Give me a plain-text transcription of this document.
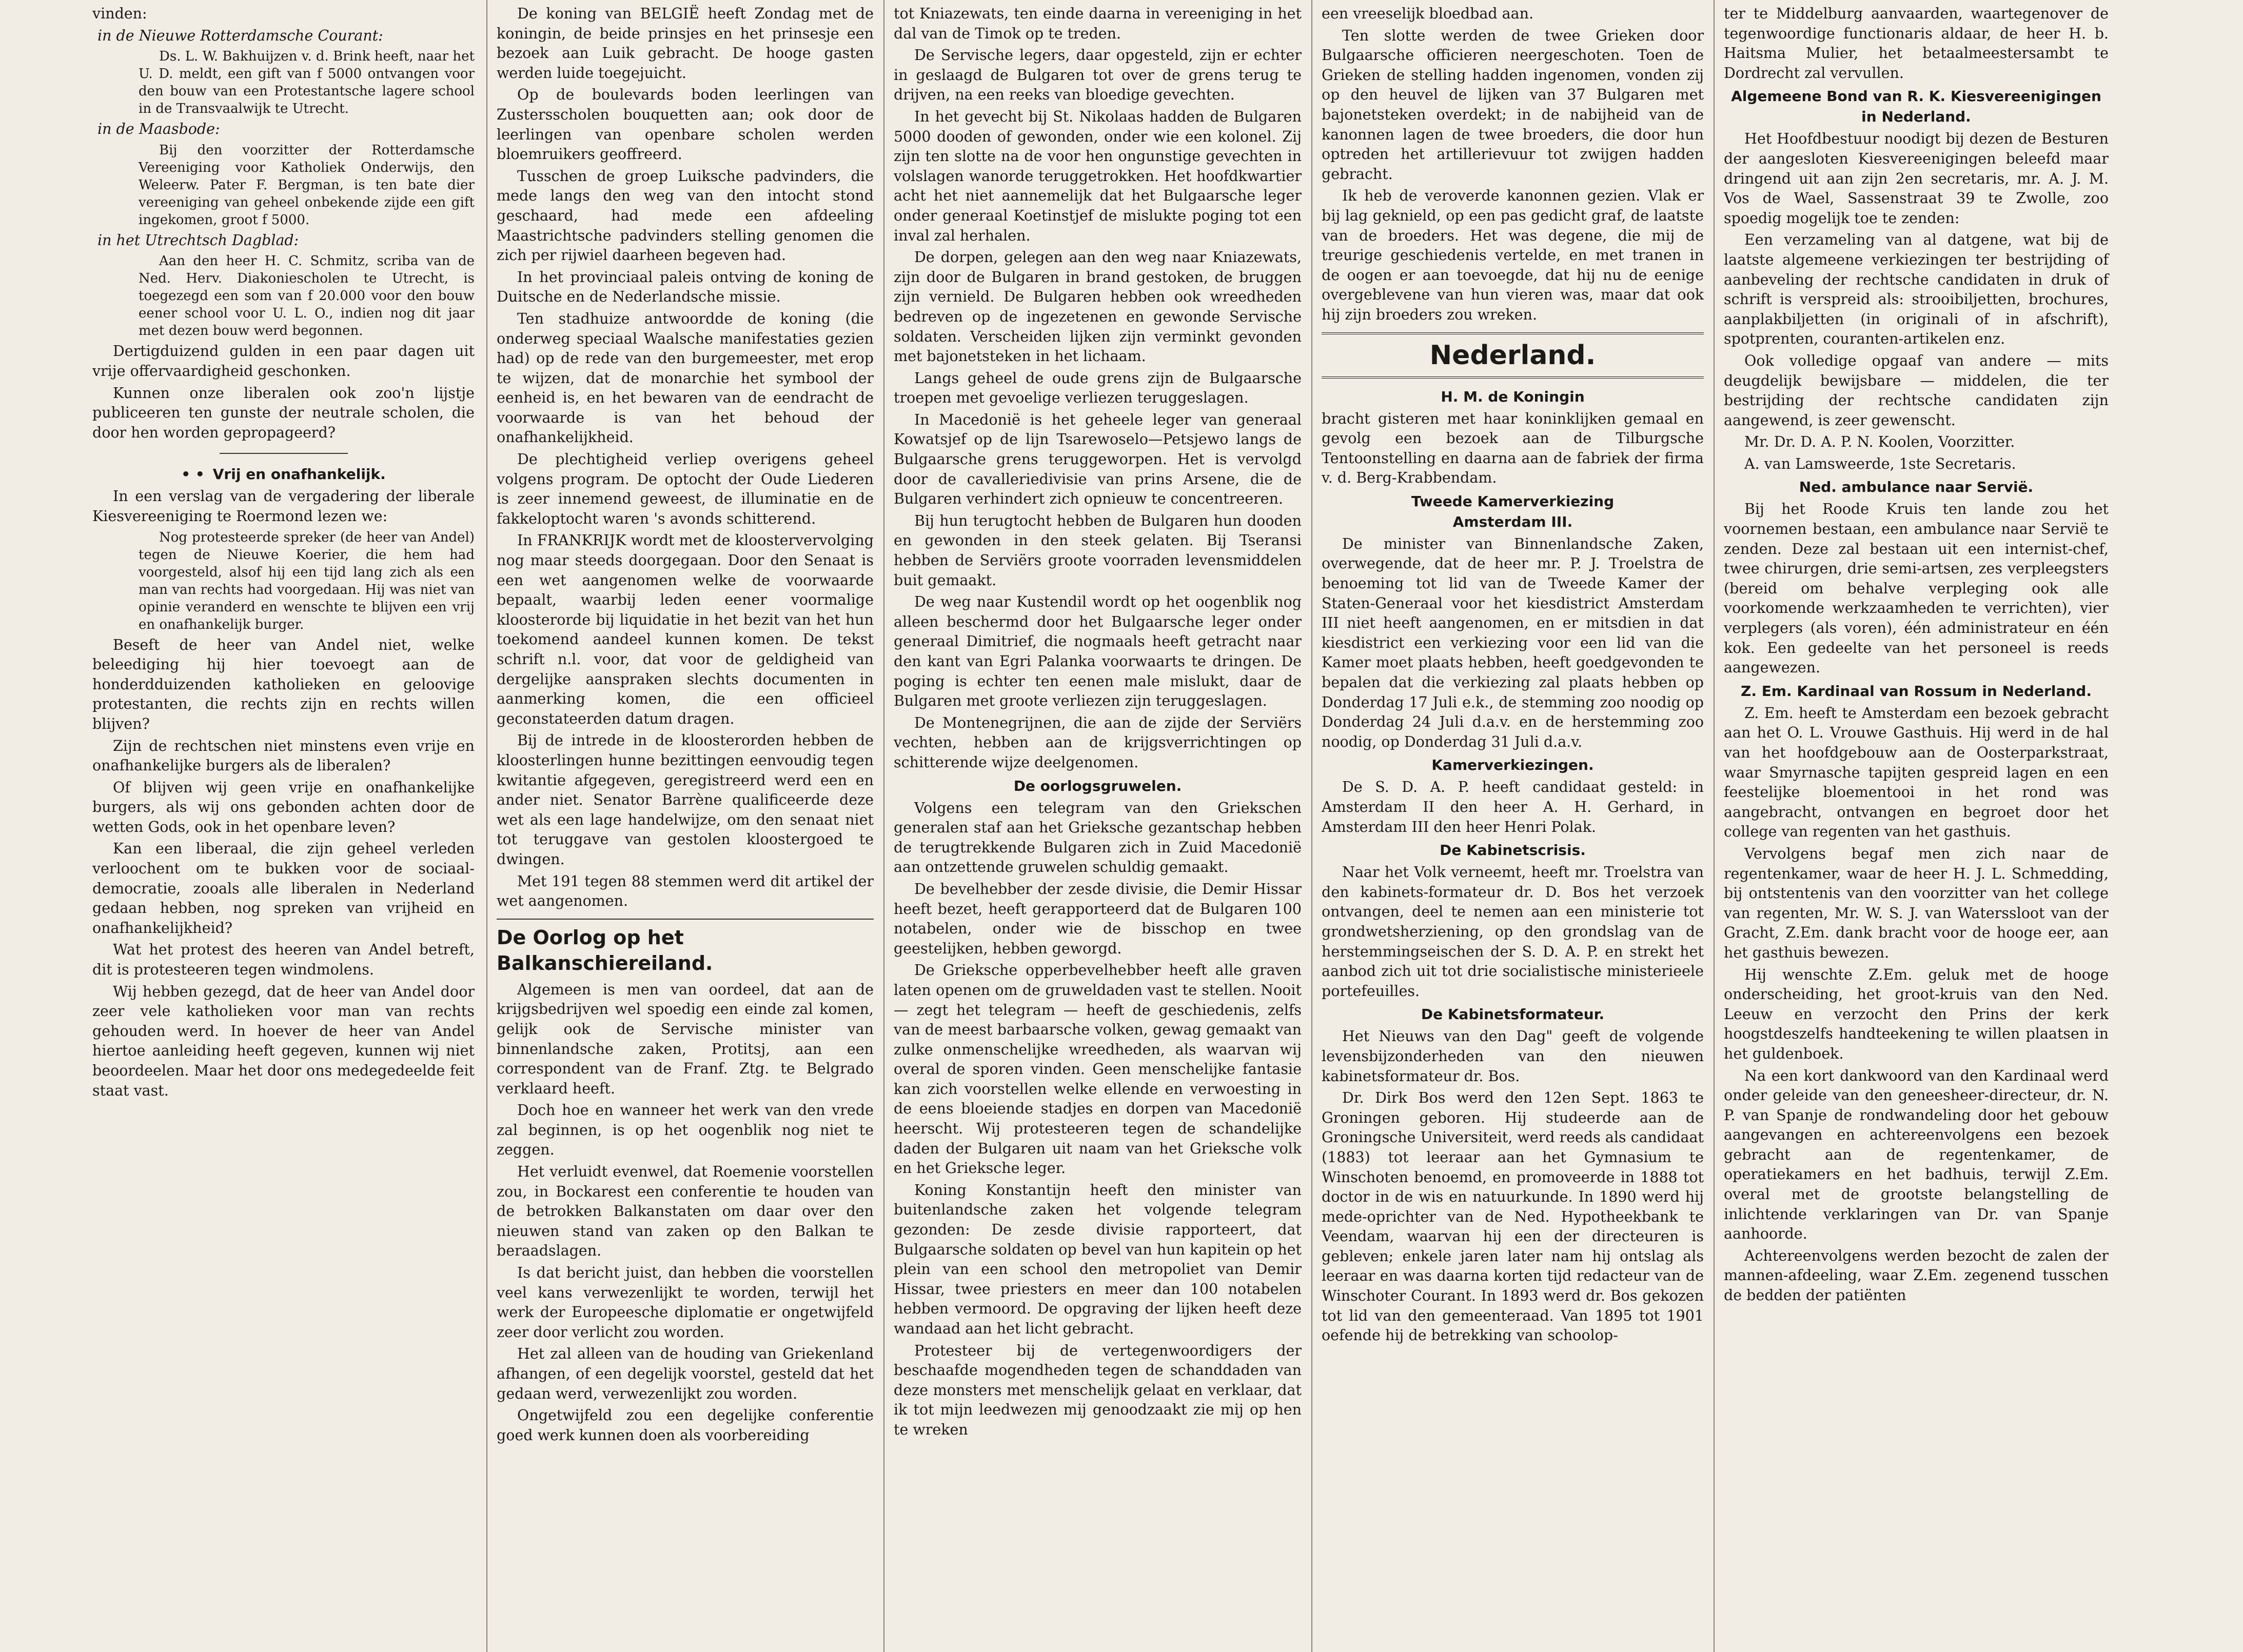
vinden:

in de Nieuwe Rotterdamsche Courant:

Ds. L. W. Bakhuijzen v. d. Brink heeft, naar het U. D. meldt, een gift van f 5000 ontvangen voor den bouw van een Protestantsche lagere school in de Transvaalwijk te Utrecht.

in de Maasbode:

Bij den voorzitter der Rotterdamsche Vereeniging voor Katholiek Onderwijs, den Weleerw. Pater F. Bergman, is ten bate dier vereeniging van geheel onbekende zijde een gift ingekomen, groot f 5000.

in het Utrechtsch Dagblad:

Aan den heer H. C. Schmitz, scriba van de Ned. Herv. Diakoniescholen te Utrecht, is toegezegd een som van f 20.000 voor den bouw eener school voor U. L. O., indien nog dit jaar met dezen bouw werd begonnen.

Dertigduizend gulden in een paar dagen uit vrije offervaardigheid geschonken.

Kunnen onze liberalen ook zoo'n lijstje publiceeren ten gunste der neutrale scholen, die door hen worden gepropageerd?

• • Vrij en onafhankelijk.

In een verslag van de vergadering der liberale Kiesvereeniging te Roermond lezen we:

Nog protesteerde spreker (de heer van Andel) tegen de Nieuwe Koerier, die hem had voorgesteld, alsof hij een tijd lang zich als een man van rechts had voorgedaan. Hij was niet van opinie veranderd en wenschte te blijven een vrij en onafhankelijk burger.

Beseft de heer van Andel niet, welke beleediging hij hier toevoegt aan de honderdduizenden katholieken en geloovige protestanten, die rechts zijn en rechts willen blijven?

Zijn de rechtschen niet minstens even vrije en onafhankelijke burgers als de liberalen?

Of blijven wij geen vrije en onafhankelijke burgers, als wij ons gebonden achten door de wetten Gods, ook in het openbare leven?

Kan een liberaal, die zijn geheel verleden verloochent om te bukken voor de sociaal-democratie, zooals alle liberalen in Nederland gedaan hebben, nog spreken van vrijheid en onafhankelijkheid?

Wat het protest des heeren van Andel betreft, dit is protesteeren tegen windmolens.

Wij hebben gezegd, dat de heer van Andel door zeer vele katholieken voor man van rechts gehouden werd. In hoever de heer van Andel hiertoe aanleiding heeft gegeven, kunnen wij niet beoordeelen. Maar het door ons medegedeelde feit staat vast.

De koning van BELGIË heeft Zondag met de koningin, de beide prinsjes en het prinsesje een bezoek aan Luik gebracht. De hooge gasten werden luide toegejuicht.

Op de boulevards boden leerlingen van Zustersscholen bouquetten aan; ook door de leerlingen van openbare scholen werden bloemruikers geoffreerd.

Tusschen de groep Luiksche padvinders, die mede langs den weg van den intocht stond geschaard, had mede een afdeeling Maastrichtsche padvinders stelling genomen die zich per rijwiel daarheen begeven had.

In het provinciaal paleis ontving de koning de Duitsche en de Nederlandsche missie.

Ten stadhuize antwoordde de koning (die onderweg speciaal Waalsche manifestaties gezien had) op de rede van den burgemeester, met erop te wijzen, dat de monarchie het symbool der eenheid is, en het bewaren van de eendracht de voorwaarde is van het behoud der onafhankelijkheid.

De plechtigheid verliep overigens geheel volgens program. De optocht der Oude Liederen is zeer innemend geweest, de illuminatie en de fakkeloptocht waren 's avonds schitterend.

In FRANKRIJK wordt met de kloostervervolging nog maar steeds doorgegaan. Door den Senaat is een wet aangenomen welke de voorwaarde bepaalt, waarbij leden eener voormalige kloosterorde bij liquidatie in het bezit van het hun toekomend aandeel kunnen komen. De tekst schrift n.l. voor, dat voor de geldigheid van dergelijke aanspraken slechts documenten in aanmerking komen, die een officieel geconstateerden datum dragen.

Bij de intrede in de kloosterorden hebben de kloosterlingen hunne bezittingen eenvoudig tegen kwitantie afgegeven, geregistreerd werd een en ander niet. Senator Barrène qualificeerde deze wet als een lage handelwijze, om den senaat niet tot teruggave van gestolen kloostergoed te dwingen.

Met 191 tegen 88 stemmen werd dit artikel der wet aangenomen.

De Oorlog op het Balkanschiereiland.

Algemeen is men van oordeel, dat aan de krijgsbedrijven wel spoedig een einde zal komen, gelijk ook de Servische minister van binnenlandsche zaken, Protitsj, aan een correspondent van de Franf. Ztg. te Belgrado verklaard heeft.

Doch hoe en wanneer het werk van den vrede zal beginnen, is op het oogenblik nog niet te zeggen.

Het verluidt evenwel, dat Roemenie voorstellen zou, in Bockarest een conferentie te houden van de betrokken Balkanstaten om daar over den nieuwen stand van zaken op den Balkan te beraadslagen.

Is dat bericht juist, dan hebben die voorstellen veel kans verwezenlijkt te worden, terwijl het werk der Europeesche diplomatie er ongetwijfeld zeer door verlicht zou worden.

Het zal alleen van de houding van Griekenland afhangen, of een degelijk voorstel, gesteld dat het gedaan werd, verwezenlijkt zou worden.

Ongetwijfeld zou een degelijke conferentie goed werk kunnen doen als voorbereiding

tot Kniazewats, ten einde daarna in vereeniging in het dal van de Timok op te treden.

De Servische legers, daar opgesteld, zijn er echter in geslaagd de Bulgaren tot over de grens terug te drijven, na een reeks van bloedige gevechten.

In het gevecht bij St. Nikolaas hadden de Bulgaren 5000 dooden of gewonden, onder wie een kolonel. Zij zijn ten slotte na de voor hen ongunstige gevechten in volslagen wanorde teruggetrokken. Het hoofdkwartier acht het niet aannemelijk dat het Bulgaarsche leger onder generaal Koetinstjef de mislukte poging tot een inval zal herhalen.

De dorpen, gelegen aan den weg naar Kniazewats, zijn door de Bulgaren in brand gestoken, de bruggen zijn vernield. De Bulgaren hebben ook wreedheden bedreven op de ingezetenen en gewonde Servische soldaten. Verscheiden lijken zijn verminkt gevonden met bajonetsteken in het lichaam.

Langs geheel de oude grens zijn de Bulgaarsche troepen met gevoelige verliezen teruggeslagen.

In Macedonië is het geheele leger van generaal Kowatsjef op de lijn Tsarewoselo—Petsjewo langs de Bulgaarsche grens teruggeworpen. Het is vervolgd door de cavalleriedivisie van prins Arsene, die de Bulgaren verhindert zich opnieuw te concentreeren.

Bij hun terugtocht hebben de Bulgaren hun dooden en gewonden in den steek gelaten. Bij Tseransi hebben de Serviërs groote voorraden levensmiddelen buit gemaakt.

De weg naar Kustendil wordt op het oogenblik nog alleen beschermd door het Bulgaarsche leger onder generaal Dimitrief, die nogmaals heeft getracht naar den kant van Egri Palanka voorwaarts te dringen. De poging is echter ten eenen male mislukt, daar de Bulgaren met groote verliezen zijn teruggeslagen.

De Montenegrijnen, die aan de zijde der Serviërs vechten, hebben aan de krijgsverrichtingen op schitterende wijze deelgenomen.

De oorlogsgruwelen.

Volgens een telegram van den Griekschen generalen staf aan het Grieksche gezantschap hebben de terugtrekkende Bulgaren zich in Zuid Macedonië aan ontzettende gruwelen schuldig gemaakt.

De bevelhebber der zesde divisie, die Demir Hissar heeft bezet, heeft gerapporteerd dat de Bulgaren 100 notabelen, onder wie de bisschop en twee geestelijken, hebben geworgd.

De Grieksche opperbevelhebber heeft alle graven laten openen om de gruweldaden vast te stellen. Nooit — zegt het telegram — heeft de geschiedenis, zelfs van de meest barbaarsche volken, gewag gemaakt van zulke onmenschelijke wreedheden, als waarvan wij overal de sporen vinden. Geen menschelijke fantasie kan zich voorstellen welke ellende en verwoesting in de eens bloeiende stadjes en dorpen van Macedonië heerscht. Wij protesteeren tegen de schandelijke daden der Bulgaren uit naam van het Grieksche volk en het Grieksche leger.

Koning Konstantijn heeft den minister van buitenlandsche zaken het volgende telegram gezonden: De zesde divisie rapporteert, dat Bulgaarsche soldaten op bevel van hun kapitein op het plein van een school den metropoliet van Demir Hissar, twee priesters en meer dan 100 notabelen hebben vermoord. De opgraving der lijken heeft deze wandaad aan het licht gebracht.

Protesteer bij de vertegenwoordigers der beschaafde mogendheden tegen de schanddaden van deze monsters met menschelijk gelaat en verklaar, dat ik tot mijn leedwezen mij genoodzaakt zie mij op hen te wreken

een vreeselijk bloedbad aan.

Ten slotte werden de twee Grieken door Bulgaarsche officieren neergeschoten. Toen de Grieken de stelling hadden ingenomen, vonden zij op den heuvel de lijken van 37 Bulgaren met bajonetsteken overdekt; in de nabijheid van de kanonnen lagen de twee broeders, die door hun optreden het artillerievuur tot zwijgen hadden gebracht.

Ik heb de veroverde kanonnen gezien. Vlak er bij lag geknield, op een pas gedicht graf, de laatste van de broeders. Het was degene, die mij de treurige geschiedenis vertelde, en met tranen in de oogen er aan toevoegde, dat hij nu de eenige overgeblevene van hun vieren was, maar dat ook hij zijn broeders zou wreken.

Nederland.
H. M. de Koningin

bracht gisteren met haar koninklijken gemaal en gevolg een bezoek aan de Tilburgsche Tentoonstelling en daarna aan de fabriek der firma v. d. Berg-Krabbendam.

Tweede Kamerverkiezing
Amsterdam III.

De minister van Binnenlandsche Zaken, overwegende, dat de heer mr. P. J. Troelstra de benoeming tot lid van de Tweede Kamer der Staten-Generaal voor het kiesdistrict Amsterdam III niet heeft aangenomen, en er mitsdien in dat kiesdistrict een verkiezing voor een lid van die Kamer moet plaats hebben, heeft goedgevonden te bepalen dat die verkiezing zal plaats hebben op Donderdag 17 Juli e.k., de stemming zoo noodig op Donderdag 24 Juli d.a.v. en de herstemming zoo noodig, op Donderdag 31 Juli d.a.v.

Kamerverkiezingen.

De S. D. A. P. heeft candidaat gesteld: in Amsterdam II den heer A. H. Gerhard, in Amsterdam III den heer Henri Polak.

De Kabinetscrisis.

Naar het Volk verneemt, heeft mr. Troelstra van den kabinets-formateur dr. D. Bos het verzoek ontvangen, deel te nemen aan een ministerie tot grondwetsherziening, op den grondslag van de herstemmingseischen der S. D. A. P. en strekt het aanbod zich uit tot drie socialistische ministerieele portefeuilles.

De Kabinetsformateur.

Het Nieuws van den Dag" geeft de volgende levensbijzonderheden van den nieuwen kabinetsformateur dr. Bos.

Dr. Dirk Bos werd den 12en Sept. 1863 te Groningen geboren. Hij studeerde aan de Groningsche Universiteit, werd reeds als candidaat (1883) tot leeraar aan het Gymnasium te Winschoten benoemd, en promoveerde in 1888 tot doctor in de wis en natuurkunde. In 1890 werd hij mede-oprichter van de Ned. Hypotheekbank te Veendam, waarvan hij een der directeuren is gebleven; enkele jaren later nam hij ontslag als leeraar en was daarna korten tijd redacteur van de Winschoter Courant. In 1893 werd dr. Bos gekozen tot lid van den gemeenteraad. Van 1895 tot 1901 oefende hij de betrekking van schoolop-

ter te Middelburg aanvaarden, waartegenover de tegenwoordige functionaris aldaar, de heer H. b. Haitsma Mulier, het betaalmeestersambt te Dordrecht zal vervullen.

Algemeene Bond van R. K. Kiesvereenigingen in Nederland.

Het Hoofdbestuur noodigt bij dezen de Besturen der aangesloten Kiesvereenigingen beleefd maar dringend uit aan zijn 2en secretaris, mr. A. J. M. Vos de Wael, Sassenstraat 39 te Zwolle, zoo spoedig mogelijk toe te zenden:

Een verzameling van al datgene, wat bij de laatste algemeene verkiezingen ter bestrijding of aanbeveling der rechtsche candidaten in druk of schrift is verspreid als: strooibiljetten, brochures, aanplakbiljetten (in originali of in afschrift), spotprenten, couranten-artikelen enz.

Ook volledige opgaaf van andere — mits deugdelijk bewijsbare — middelen, die ter bestrijding der rechtsche candidaten zijn aangewend, is zeer gewenscht.

Mr. Dr. D. A. P. N. Koolen, Voorzitter.

A. van Lamsweerde, 1ste Secretaris.

Ned. ambulance naar Servië.

Bij het Roode Kruis ten lande zou het voornemen bestaan, een ambulance naar Servië te zenden. Deze zal bestaan uit een internist-chef, twee chirurgen, drie semi-artsen, zes verpleegsters (bereid om behalve verpleging ook alle voorkomende werkzaamheden te verrichten), vier verplegers (als voren), één administrateur en één kok. Een gedeelte van het personeel is reeds aangewezen.

Z. Em. Kardinaal van Rossum in Nederland.

Z. Em. heeft te Amsterdam een bezoek gebracht aan het O. L. Vrouwe Gasthuis. Hij werd in de hal van het hoofdgebouw aan de Oosterparkstraat, waar Smyrnasche tapijten gespreid lagen en een feestelijke bloementooi in het rond was aangebracht, ontvangen en begroet door het college van regenten van het gasthuis.

Vervolgens begaf men zich naar de regentenkamer, waar de heer H. J. L. Schmedding, bij ontstentenis van den voorzitter van het college van regenten, Mr. W. S. J. van Waterssloot van der Gracht, Z.Em. dank bracht voor de hooge eer, aan het gasthuis bewezen.

Hij wenschte Z.Em. geluk met de hooge onderscheiding, het groot-kruis van den Ned. Leeuw en verzocht den Prins der kerk hoogstdeszelfs handteekening te willen plaatsen in het guldenboek.

Na een kort dankwoord van den Kardinaal werd onder geleide van den geneesheer-directeur, dr. N. P. van Spanje de rondwandeling door het gebouw aangevangen en achtereenvolgens een bezoek gebracht aan de regentenkamer, de operatiekamers en het badhuis, terwijl Z.Em. overal met de grootste belangstelling de inlichtende verklaringen van Dr. van Spanje aanhoorde.

Achtereenvolgens werden bezocht de zalen der mannen-afdeeling, waar Z.Em. zegenend tusschen de bedden der patiënten
